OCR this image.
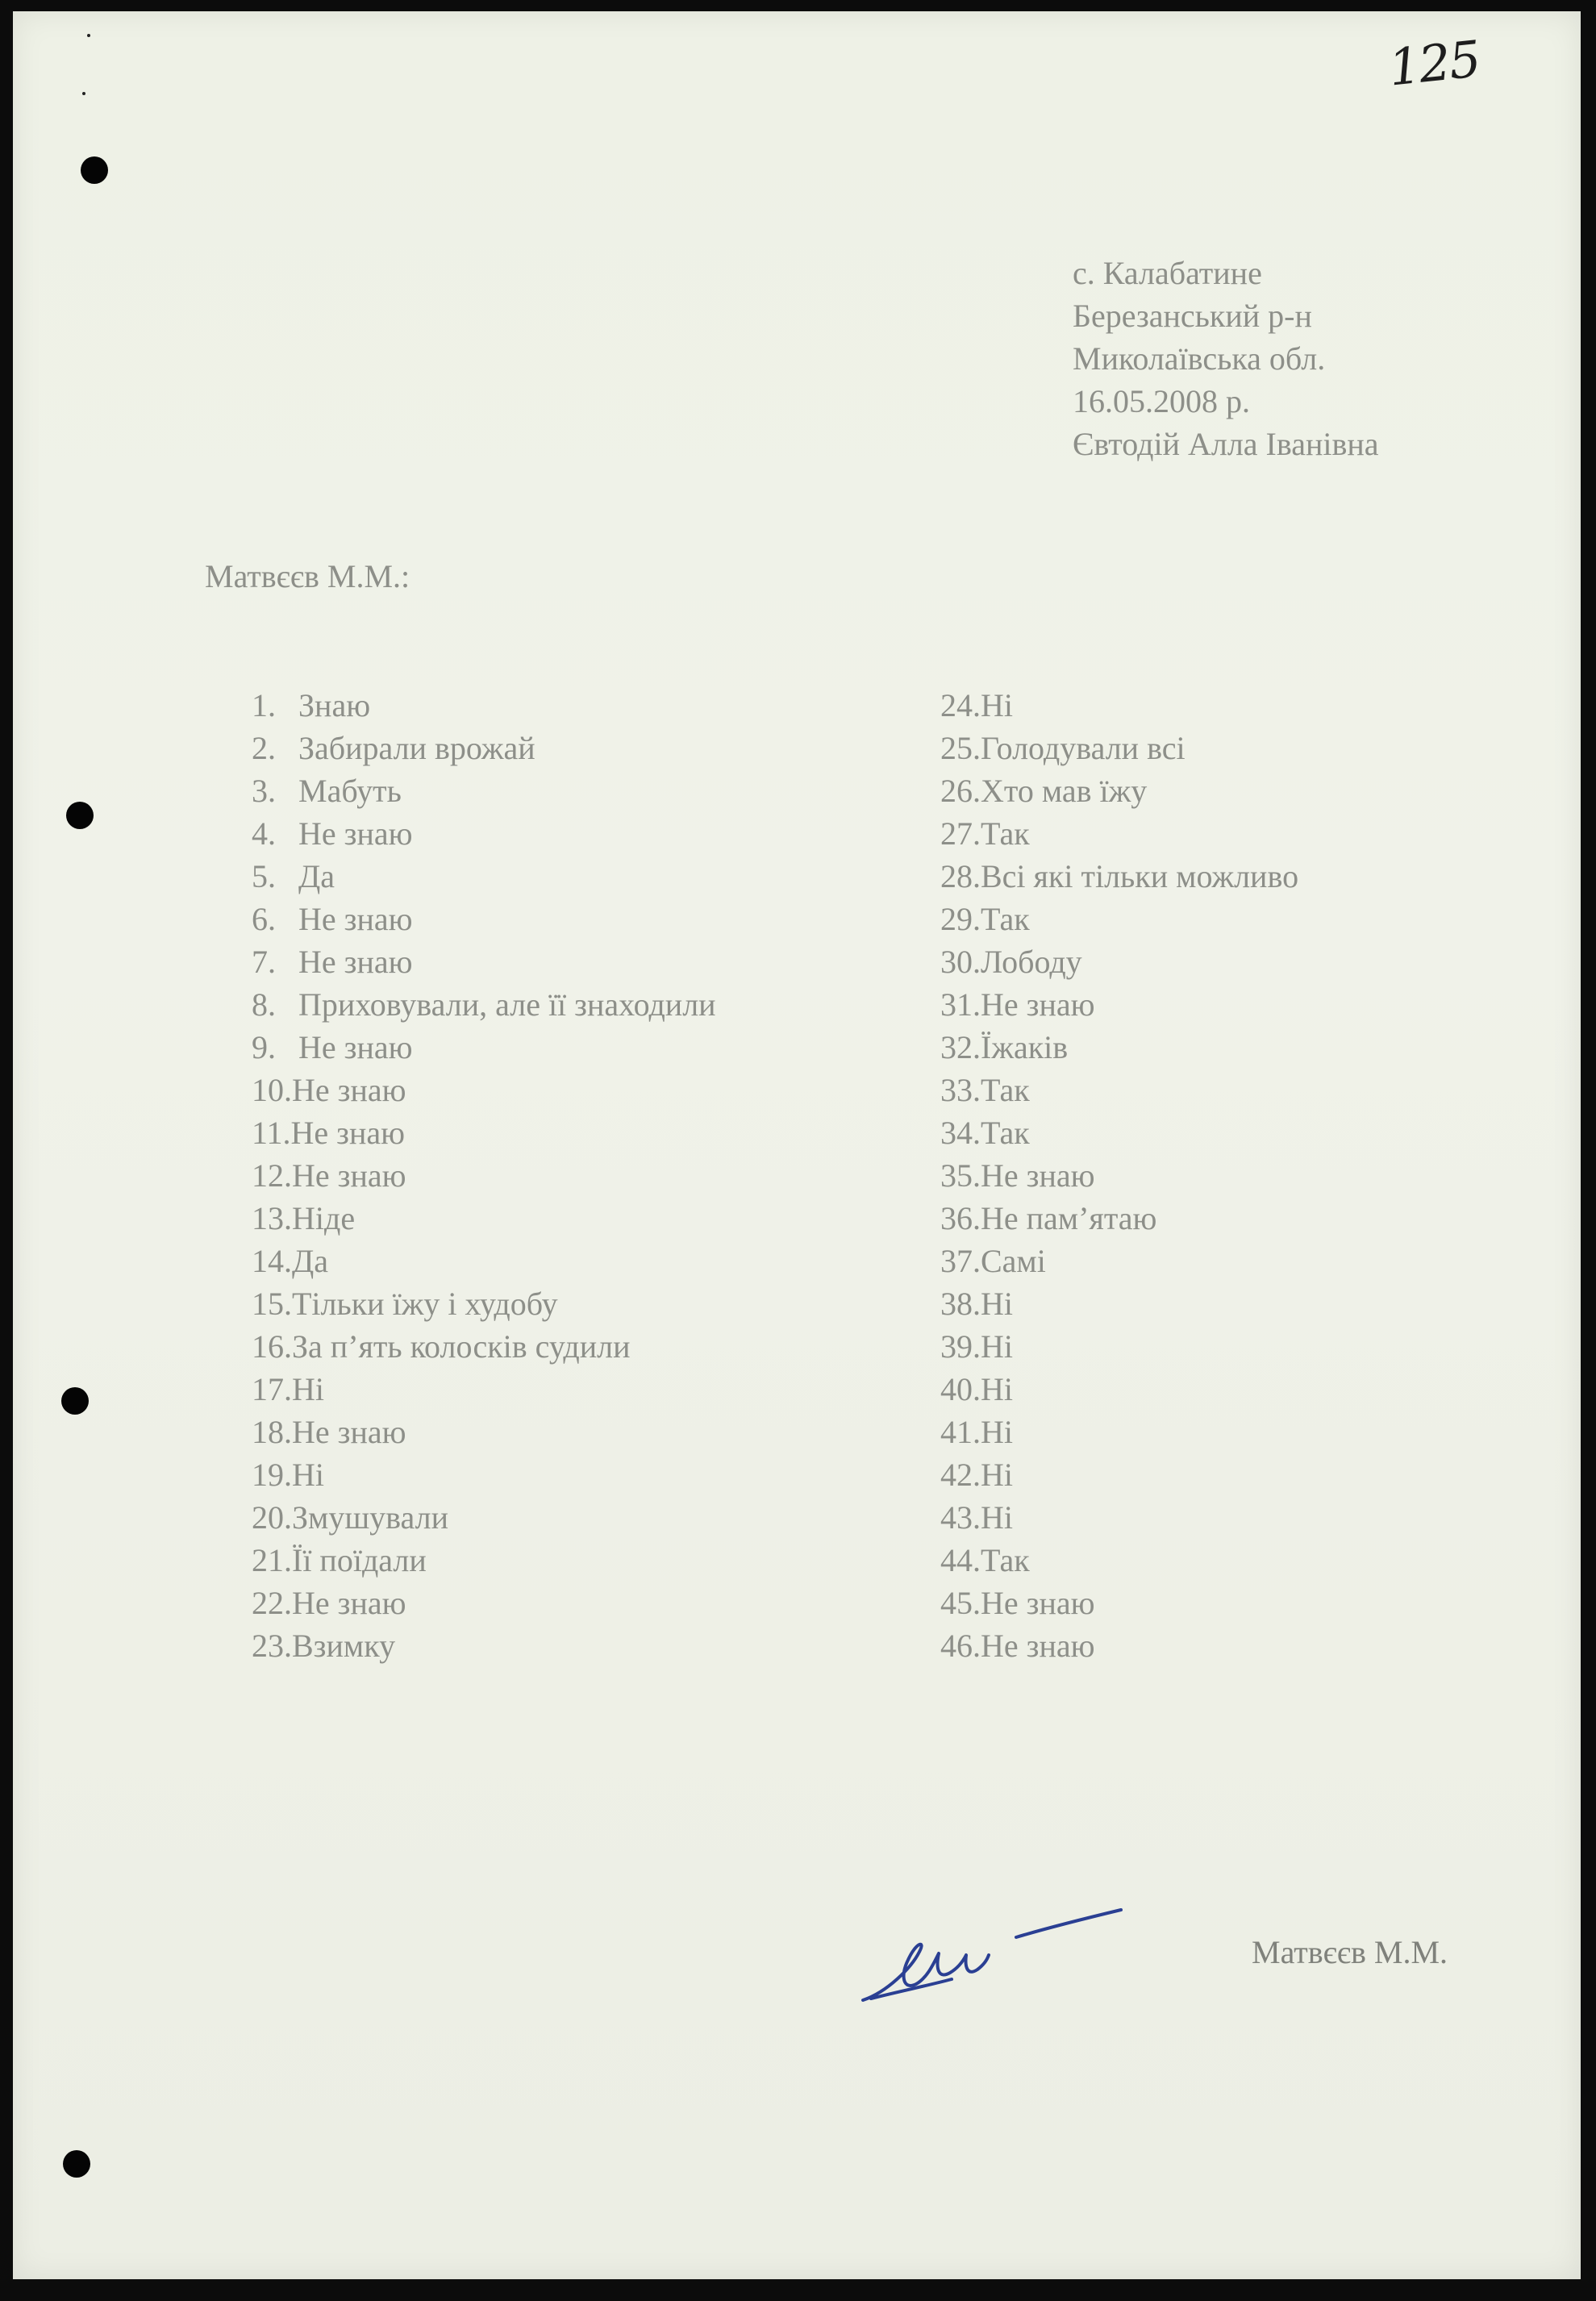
125
с. Калабатине
Березанський р-н
Миколаївська обл.
16.05.2008 р.
Євтодій Алла Іванівна
Матвєєв М.М.:
1. Знаю
2. Забирали врожай
3. Мабуть
4. Не знаю
5. Да
6. Не знаю
7. Не знаю
8. Приховували, але її знаходили
9. Не знаю
10.Не знаю
11.Не знаю
12.Не знаю
13.Ніде
14.Да
15.Тільки їжу і худобу
16.За п’ять колосків судили
17.Ні
18.Не знаю
19.Ні
20.Змушували
21.Її поїдали
22.Не знаю
23.Взимку
24.Ні
25.Голодували всі
26.Хто мав їжу
27.Так
28.Всі які тільки можливо
29.Так
30.Лободу
31.Не знаю
32.Їжаків
33.Так
34.Так
35.Не знаю
36.Не пам’ятаю
37.Самі
38.Ні
39.Ні
40.Ні
41.Ні
42.Ні
43.Ні
44.Так
45.Не знаю
46.Не знаю
Матвєєв М.М.
